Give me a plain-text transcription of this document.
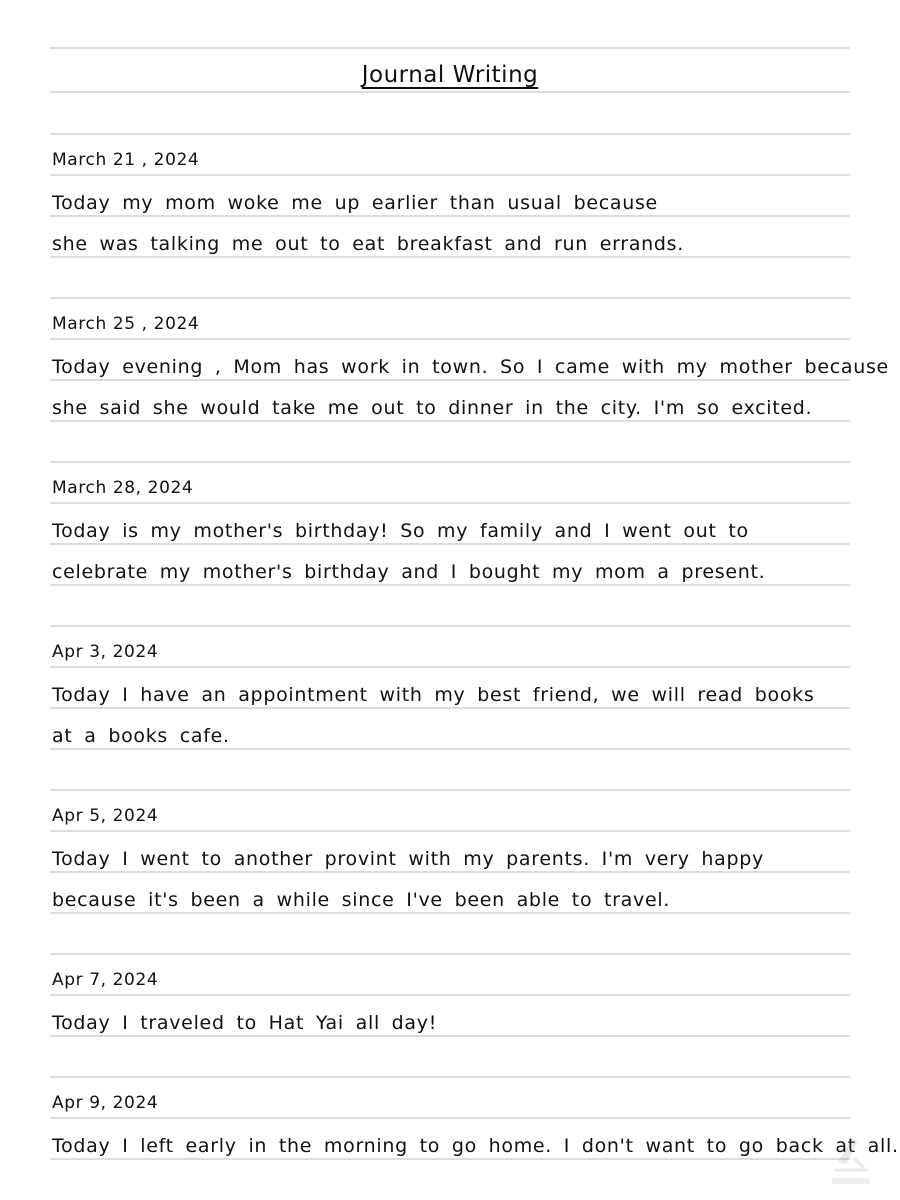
Journal Writing
March 21 , 2024
Today my mom woke me up earlier than usual because
she was talking me out to eat breakfast and run errands.
March 25 , 2024
Today evening , Mom has work in town. So I came with my mother because
she said she would take me out to dinner in the city. I'm so excited.
March 28, 2024
Today is my mother's birthday! So my family and I went out to
celebrate my mother's birthday and I bought my mom a present.
Apr 3, 2024
Today I have an appointment with my best friend, we will read books
at a books cafe.
Apr 5, 2024
Today I went to another provint with my parents. I'm very happy
because it's been a while since I've been able to travel.
Apr 7, 2024
Today I traveled to Hat Yai all day!
Apr 9, 2024
Today I left early in the morning to go home. I don't want to go back at all.
